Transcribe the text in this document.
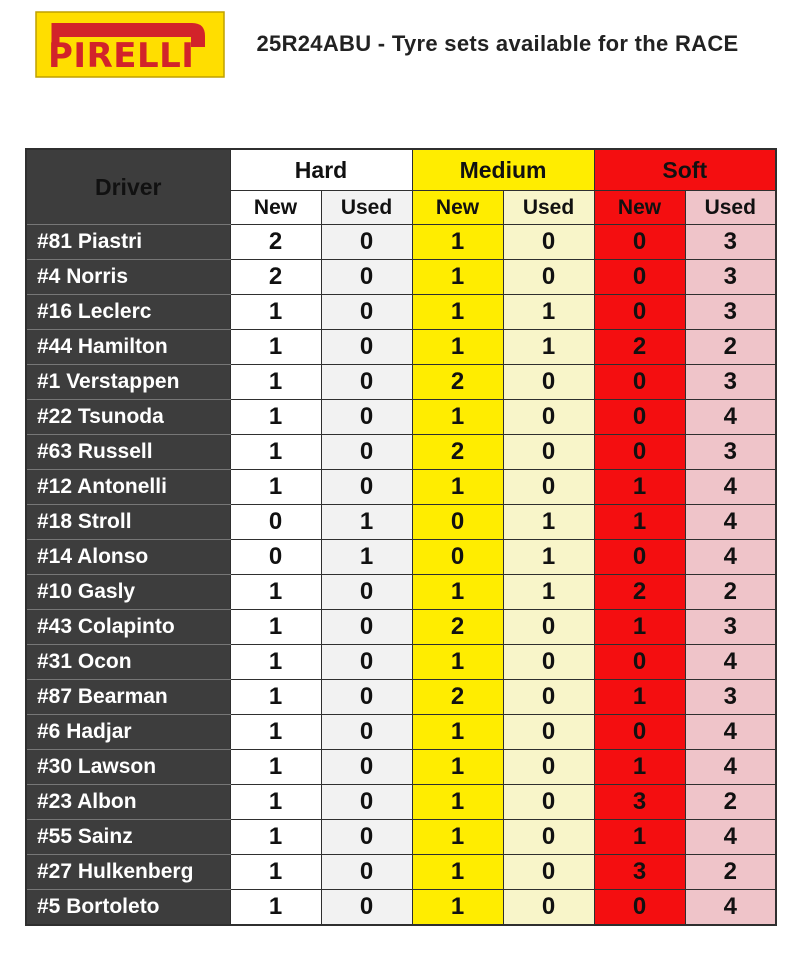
PIRELLI	25R24ABU - Tyre sets available for the RACE
Driver	Hard		Medium		Soft	
	New	Used	New	Used	New	Used
#81 Piastri	2	0	1	0	0	3
#4 Norris	2	0	1	0	0	3
#16 Leclerc	1	0	1	1	0	3
#44 Hamilton	1	0	1	1	2	2
#1 Verstappen	1	0	2	0	0	3
#22 Tsunoda	1	0	1	0	0	4
#63 Russell	1	0	2	0	0	3
#12 Antonelli	1	0	1	0	1	4
#18 Stroll	0	1	0	1	1	4
#14 Alonso	0	1	0	1	0	4
#10 Gasly	1	0	1	1	2	2
#43 Colapinto	1	0	2	0	1	3
#31 Ocon	1	0	1	0	0	4
#87 Bearman	1	0	2	0	1	3
#6 Hadjar	1	0	1	0	0	4
#30 Lawson	1	0	1	0	1	4
#23 Albon	1	0	1	0	3	2
#55 Sainz	1	0	1	0	1	4
#27 Hulkenberg	1	0	1	0	3	2
#5 Bortoleto	1	0	1	0	0	4
